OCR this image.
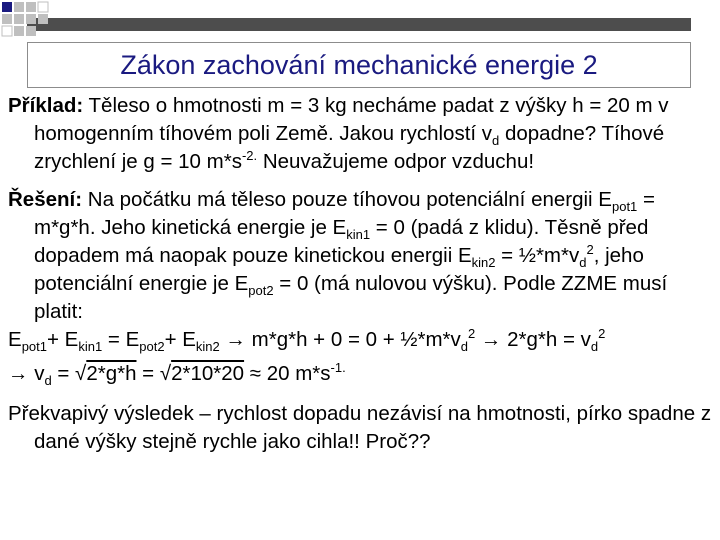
Zákon zachování mechanické energie 2

Příklad: Těleso o hmotnosti m = 3 kg necháme padat z výšky h = 20 m v homogenním tíhovém poli Země. Jakou rychlostí $v_d$ dopadne? Tíhové zrychlení je g = 10 $m*s^{-2.}$ Neuvažujeme odpor vzduchu!

Řešení: Na počátku má těleso pouze tíhovou potenciální energii $E_{pot1} = m*g*h$. Jeho kinetická energie je $E_{kin1} = 0$ (padá z klidu). Těsně před dopadem má naopak pouze kinetickou energii $E_{kin2}$ = $\frac{1}{2}*m*v_d^2$, jeho potenciální energie je $E_{pot2} = 0$ (má nulovou výšku). Podle ZZME musí platit:

$E_{pot1}+ E_{kin1} = E_{pot2}+ E_{kin2} \to m*g*h + 0 = 0$ + $\frac{1}{2}*m*v_d^2 \to 2*g*h = v_d^2$

→ $v_d = √2*g*h = √2*10*20 \approx 20$ $m*s^{-1.}$

Překvapivý výsledek – rychlost dopadu nezávisí na hmotnosti, pírko spadne z dané výšky stejně rychle jako cihla!! Proč??
